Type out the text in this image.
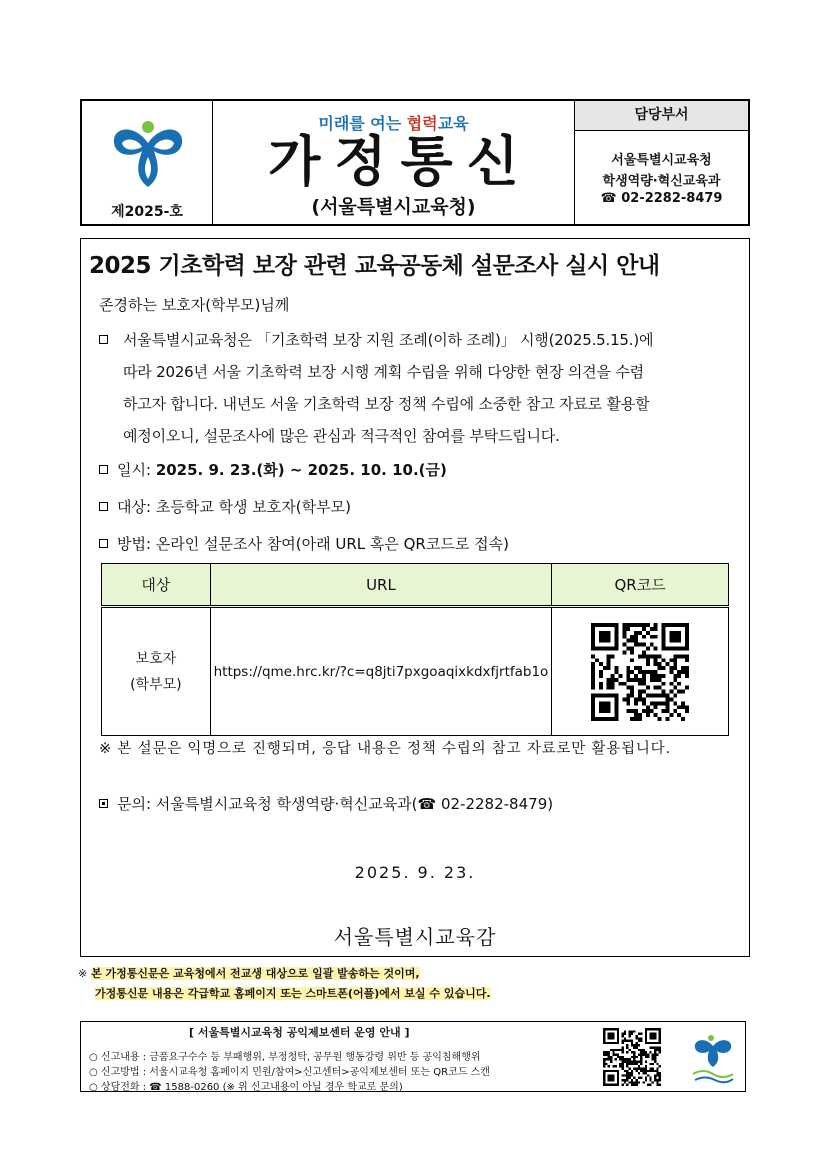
제2025-호
미래를 여는 협력교육
가정통신
(서울특별시교육청)
담당부서
서울특별시교육청
학생역량·혁신교육과
☎ 02-2282-8479
2025 기초학력 보장 관련 교육공동체 설문조사 실시 안내
존경하는 보호자(학부모)님께
서울특별시교육청은 「기초학력 보장 지원 조례(이하 조례)」 시행(2025.5.15.)에
따라 2026년 서울 기초학력 보장 시행 계획 수립을 위해 다양한 현장 의견을 수렴
하고자 합니다. 내년도 서울 기초학력 보장 정책 수립에 소중한 참고 자료로 활용할
예정이오니, 설문조사에 많은 관심과 적극적인 참여를 부탁드립니다.
일시: 2025. 9. 23.(화) ~ 2025. 10. 10.(금)
대상: 초등학교 학생 보호자(학부모)
방법: 온라인 설문조사 참여(아래 URL 혹은 QR코드로 접속)
대상	URL	QR코드

보호자
(학부모)	https://qme.hrc.kr/?c=q8jti7pxgoaqixkdxfjrtfab1o	
※ 본 설문은 익명으로 진행되며, 응답 내용은 정책 수립의 참고 자료로만 활용됩니다.
문의: 서울특별시교육청 학생역량·혁신교육과(☎ 02-2282-8479)
2025. 9. 23.
서울특별시교육감
※ 본 가정통신문은 교육청에서 전교생 대상으로 일괄 발송하는 것이며,
가정통신문 내용은 각급학교 홈페이지 또는 스마트폰(어플)에서 보실 수 있습니다.
[ 서울특별시교육청 공익제보센터 운영 안내 ]
○ 신고내용 : 금품요구수수 등 부패행위, 부정청탁, 공무원 행동강령 위반 등 공익침해행위
○ 신고방법 : 서울시교육청 홈페이지 민원/참여>신고센터>공익제보센터 또는 QR코드 스캔
○ 상담전화 : ☎ 1588-0260 (※ 위 신고내용이 아닐 경우 학교로 문의)
